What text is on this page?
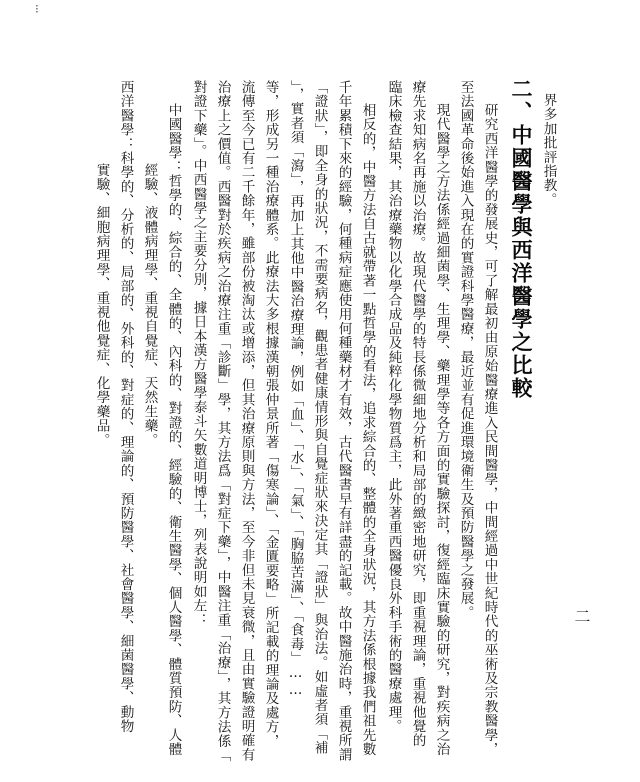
⁝
二
二、中國醫學與西洋醫學之比較 界多加批評指教。
研究西洋醫學的發展史，可了解最初由原始醫療進入民間醫學，中間經過中世紀時代的巫術及宗教醫學，
至法國革命後始進入現在的實證科學醫療，最近並有促進環境衛生及預防醫學之發展。
現代醫學之方法係經過細菌學、生理學、藥理學等各方面的實驗探討，復經臨床實驗的研究，對疾病之治
療先求知病名再施以治療。故現代醫學的特長係微細地分析和局部的緻密地研究，即重視理論，重視他覺的
臨床檢查結果，其治療藥物以化學合成品及純粹化學物質爲主，此外著重西醫優良外科手術的醫療處理。
相反的，中醫方法自古就帶著一點哲學的看法，追求綜合的、整體的全身狀況，其方法係根據我們祖先數
千年累積下來的經驗，何種病症應使用何種藥材才有效，古代醫書早有詳盡的記載。故中醫施治時，重視所謂
「證狀」，即全身的狀況，不需要病名，觀患者健康情形與自覺症狀來決定其「證狀」與治法。如虛者須「補
」，實者須「瀉」，再加上其他中醫治療理論，例如「血」、「水」、「氣」、「胸脇苦滿」、「食毒」……
等，形成另一種治療體系。此療法大多根據漢朝張仲景所著「傷寒論」、「金匱要略」所記載的理論及處方，
流傳至今已有二千餘年，雖部份被淘汰或增添，但其治療原則與方法，至今非但未見衰微，且由實驗證明確有
治療上之價值。西醫對於疾病之治療注重「診斷」學，其方法爲「對症下藥」，中醫注重「治療」，其方法係「
對證下藥」。中西醫學之主要分別，據日本漢方醫學泰斗矢數道明博士，列表說明如左：
中國醫學：哲學的、綜合的、全體的、內科的、對證的、經驗的、衛生醫學、個人醫學、體質預防、人體
經驗、液體病理學、重視自覺症、天然生藥。
西洋醫學：科學的、分析的、局部的、外科的、對症的、理論的、預防醫學、社會醫學、細菌醫學、動物
實驗、細胞病理學、重視他覺症、化學藥品。
